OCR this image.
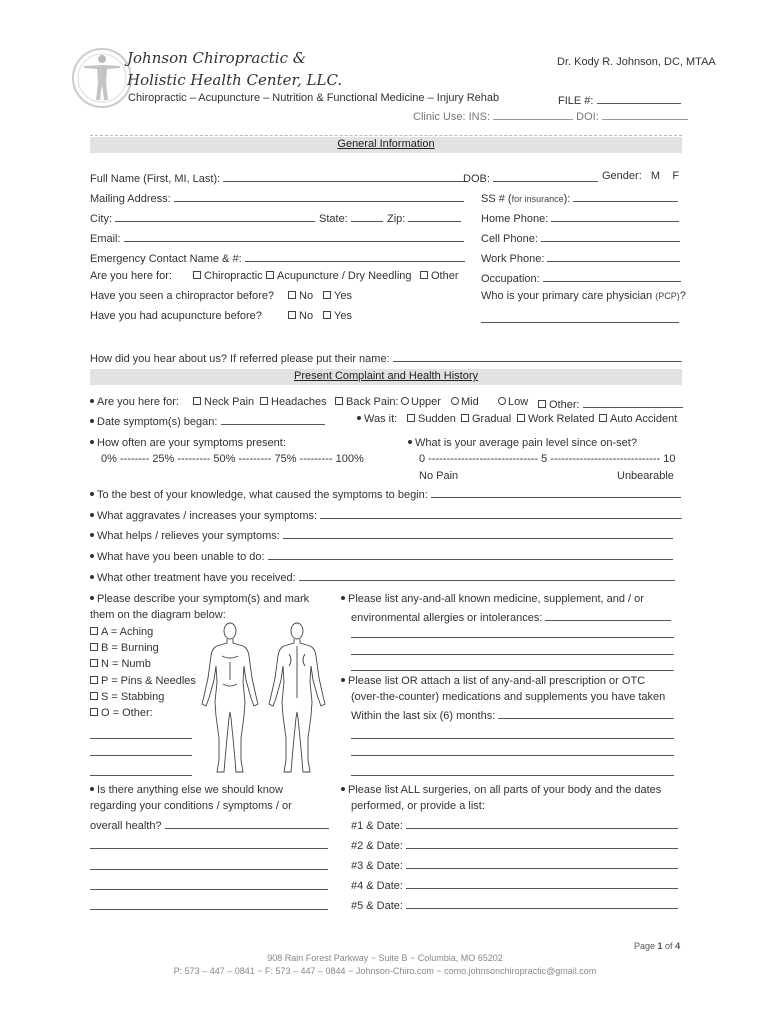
Johnson Chiropractic &
Holistic Health Center, LLC.
Dr. Kody R. Johnson, DC, MTAA
Chiropractic – Acupuncture – Nutrition & Functional Medicine – Injury Rehab	FILE #:
Clinic Use: INS:	DOI:
General Information
Full Name (First, MI, Last):	DOB:	Gender: M F
Mailing Address:	SS # (for insurance):
City:	State:	Zip:	Home Phone:
Email:	Cell Phone:
Emergency Contact Name & #:	Work Phone:
Are you here for:	Chiropractic	Acupuncture / Dry Needling	Other Occupation:
Have you seen a chiropractor before?	No	Yes	Who is your primary care physician (PCP)?
Have you had acupuncture before?	No	Yes
How did you hear about us? If referred please put their name:
Present Complaint and Health History
Are you here for:	Neck Pain	Headaches	Back Pain:	Upper	Mid	Low	Other:
Date symptom(s) began:	Was it:	Sudden	Gradual	Work Related	Auto Accident
How often are your symptoms present:
0% -------- 25% --------- 50% --------- 75% --------- 100%
What is your average pain level since on-set?
0 ------------------------------ 5 ------------------------------ 10
No Pain	Unbearable
To the best of your knowledge, what caused the symptoms to begin:
What aggravates / increases your symptoms:
What helps / relieves your symptoms:
What have you been unable to do:
What other treatment have you received:
Please describe your symptom(s) and mark
them on the diagram below:
A = Aching
B = Burning
N = Numb
P = Pins & Needles
S = Stabbing
O = Other:
Please list any-and-all known medicine, supplement, and / or
environmental allergies or intolerances:
Please list OR attach a list of any-and-all prescription or OTC
(over-the-counter) medications and supplements you have taken
Within the last six (6) months:
Is there anything else we should know
regarding your conditions / symptoms / or
overall health?
Please list ALL surgeries, on all parts of your body and the dates
performed, or provide a list:
#1 & Date:
#2 & Date:
#3 & Date:
#4 & Date:
#5 & Date:
Page 1 of 4
908 Rain Forest Parkway ~ Suite B ~ Columbia, MO 65202
P: 573 – 447 – 0841 ~ F: 573 – 447 – 0844 ~ Johnson-Chiro.com ~ como.johnsonchiropractic@gmail.com
